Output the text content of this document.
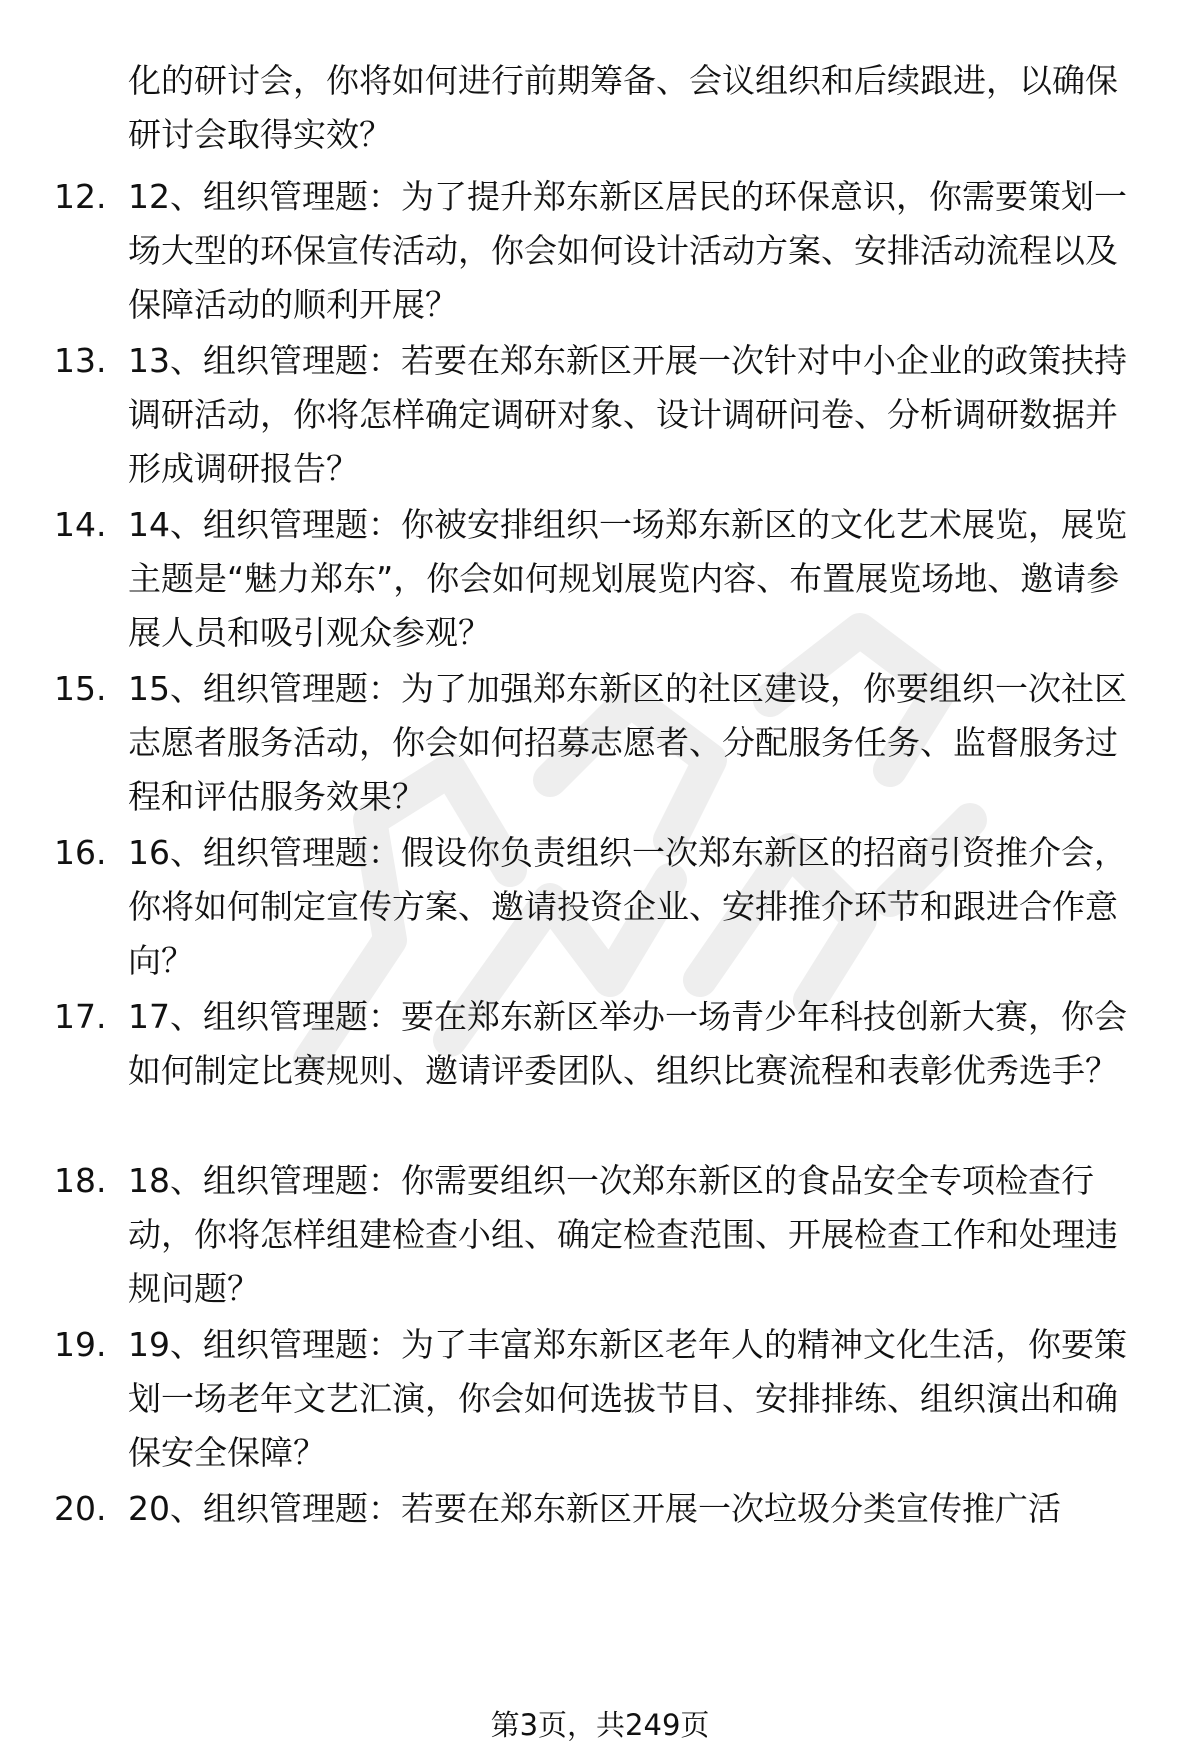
化的研讨会，你将如何进行前期筹备、会议组织和后续跟进，以确保研讨会取得实效？
12. 12、组织管理题：为了提升郑东新区居民的环保意识，你需要策划一场大型的环保宣传活动，你会如何设计活动方案、安排活动流程以及保障活动的顺利开展？
13. 13、组织管理题：若要在郑东新区开展一次针对中小企业的政策扶持调研活动，你将怎样确定调研对象、设计调研问卷、分析调研数据并形成调研报告？
14. 14、组织管理题：你被安排组织一场郑东新区的文化艺术展览，展览主题是“魅力郑东”，你会如何规划展览内容、布置展览场地、邀请参展人员和吸引观众参观？
15. 15、组织管理题：为了加强郑东新区的社区建设，你要组织一次社区志愿者服务活动，你会如何招募志愿者、分配服务任务、监督服务过程和评估服务效果？
16. 16、组织管理题：假设你负责组织一次郑东新区的招商引资推介会，你将如何制定宣传方案、邀请投资企业、安排推介环节和跟进合作意向？
17. 17、组织管理题：要在郑东新区举办一场青少年科技创新大赛，你会如何制定比赛规则、邀请评委团队、组织比赛流程和表彰优秀选手？
18. 18、组织管理题：你需要组织一次郑东新区的食品安全专项检查行动，你将怎样组建检查小组、确定检查范围、开展检查工作和处理违规问题？
19. 19、组织管理题：为了丰富郑东新区老年人的精神文化生活，你要策划一场老年文艺汇演，你会如何选拔节目、安排排练、组织演出和确保安全保障？
20. 20、组织管理题：若要在郑东新区开展一次垃圾分类宣传推广活
第3页，共249页
